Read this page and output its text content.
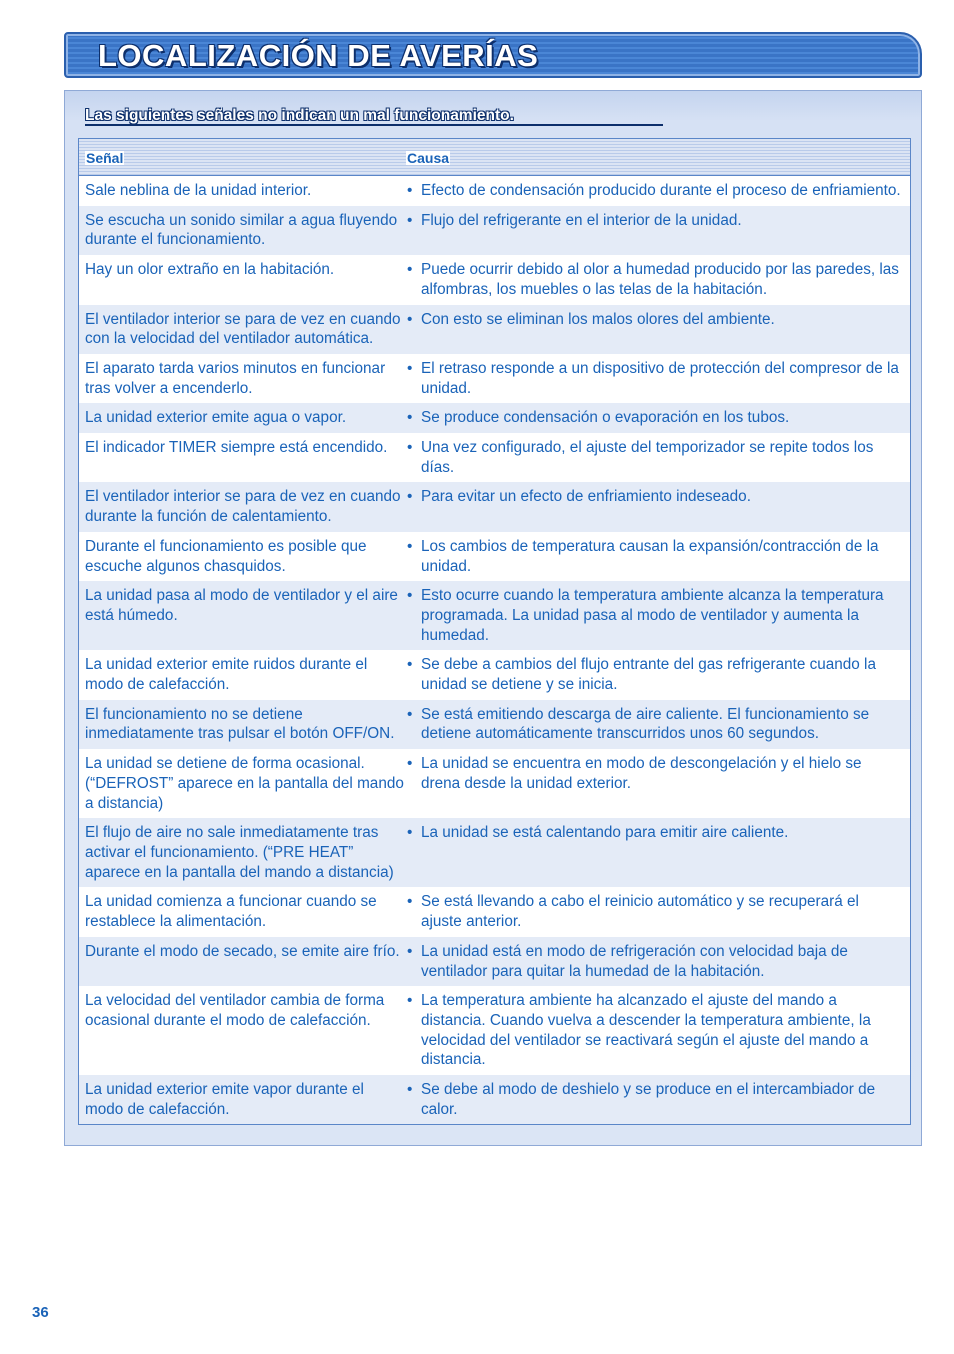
LOCALIZACIÓN DE AVERÍAS
Las siguientes señales no indican un mal funcionamiento.
Señal	Causa
Sale neblina de la unidad interior.	• Efecto de condensación producido durante el proceso de enfriamiento.
Se escucha un sonido similar a agua fluyendo durante el funcionamiento.
• Flujo del refrigerante en el interior de la unidad.
Hay un olor extraño en la habitación.	• Puede ocurrir debido al olor a humedad producido por las paredes, las alfombras, los muebles o las telas de la habitación.
El ventilador interior se para de vez en cuando con la velocidad del ventilador automática.
• Con esto se eliminan los malos olores del ambiente.
El aparato tarda varios minutos en funcionar tras volver a encenderlo.
• El retraso responde a un dispositivo de protección del compresor de la unidad.
La unidad exterior emite agua o vapor.	• Se produce condensación o evaporación en los tubos.
El indicador TIMER siempre está encendido.	• Una vez configurado, el ajuste del temporizador se repite todos los días.
El ventilador interior se para de vez en cuando durante la función de calentamiento.
• Para evitar un efecto de enfriamiento indeseado.
Durante el funcionamiento es posible que escuche algunos chasquidos.
• Los cambios de temperatura causan la expansión/contracción de la unidad.
La unidad pasa al modo de ventilador y el aire está húmedo.
• Esto ocurre cuando la temperatura ambiente alcanza la temperatura programada. La unidad pasa al modo de ventilador y aumenta la humedad.
La unidad exterior emite ruidos durante el modo de calefacción.
• Se debe a cambios del flujo entrante del gas refrigerante cuando la unidad se detiene y se inicia.
El funcionamiento no se detiene inmediatamente tras pulsar el botón OFF/ON.
• Se está emitiendo descarga de aire caliente. El funcionamiento se detiene automáticamente transcurridos unos 60 segundos.
La unidad se detiene de forma ocasional. (“DEFROST” aparece en la pantalla del mando a distancia)
• La unidad se encuentra en modo de descongelación y el hielo se drena desde la unidad exterior.
El flujo de aire no sale inmediatamente tras activar el funcionamiento. (“PRE HEAT” aparece en la pantalla del mando a distancia)
• La unidad se está calentando para emitir aire caliente.
La unidad comienza a funcionar cuando se restablece la alimentación.
• Se está llevando a cabo el reinicio automático y se recuperará el ajuste anterior.
Durante el modo de secado, se emite aire frío. • La unidad está en modo de refrigeración con velocidad baja de ventilador para quitar la humedad de la habitación.
La velocidad del ventilador cambia de forma ocasional durante el modo de calefacción.
• La temperatura ambiente ha alcanzado el ajuste del mando a distancia. Cuando vuelva a descender la temperatura ambiente, la velocidad del ventilador se reactivará según el ajuste del mando a distancia.
La unidad exterior emite vapor durante el modo de calefacción.
• Se debe al modo de deshielo y se produce en el intercambiador de calor.
36
